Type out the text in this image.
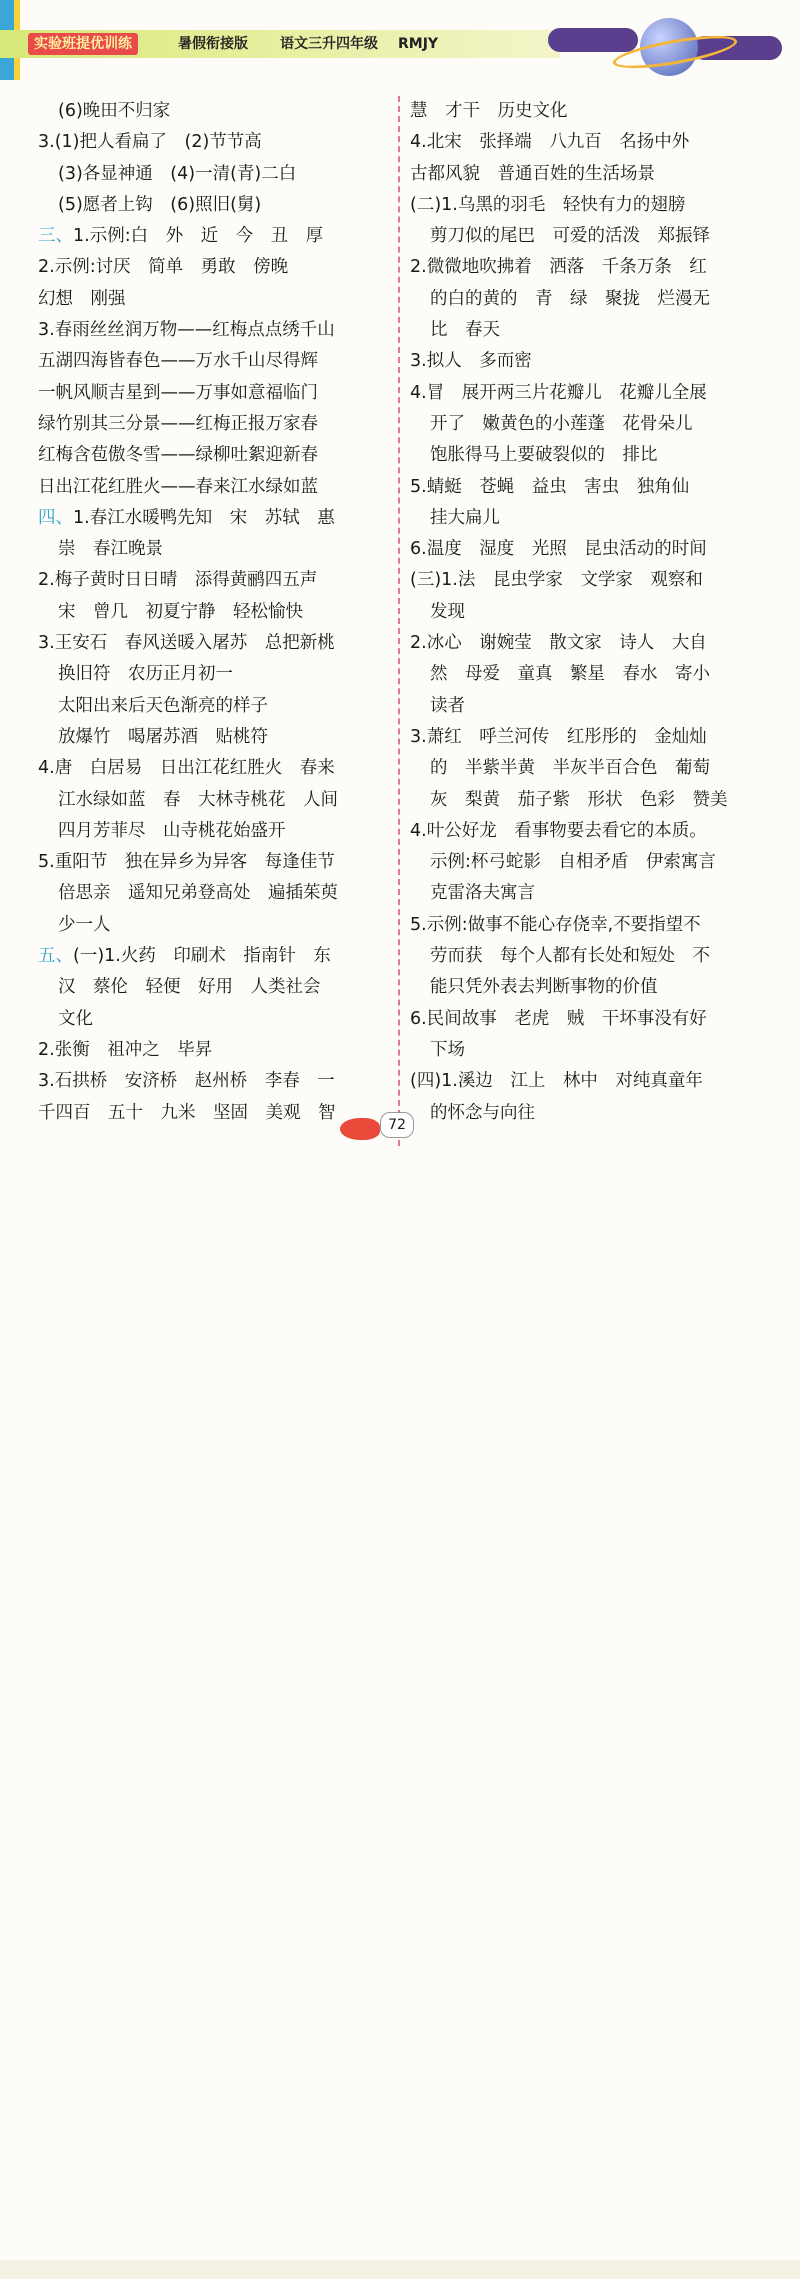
实验班提优训练	暑假衔接版 语文三升四年级 RMJY
(6)晚田不归家
3.(1)把人看扁了　(2)节节高
(3)各显神通　(4)一清(青)二白
(5)愿者上钩　(6)照旧(舅)
三、1.示例:白　外　近　今　丑　厚
2.示例:讨厌　简单　勇敢　傍晚
幻想　刚强
3.春雨丝丝润万物——红梅点点绣千山
五湖四海皆春色——万水千山尽得辉
一帆风顺吉星到——万事如意福临门
绿竹别其三分景——红梅正报万家春
红梅含苞傲冬雪——绿柳吐絮迎新春
日出江花红胜火——春来江水绿如蓝
四、1.春江水暖鸭先知　宋　苏轼　惠
崇　春江晚景
2.梅子黄时日日晴　添得黄鹂四五声
宋　曾几　初夏宁静　轻松愉快
3.王安石　春风送暖入屠苏　总把新桃
换旧符　农历正月初一
太阳出来后天色渐亮的样子
放爆竹　喝屠苏酒　贴桃符
4.唐　白居易　日出江花红胜火　春来
江水绿如蓝　春　大林寺桃花　人间
四月芳菲尽　山寺桃花始盛开
5.重阳节　独在异乡为异客　每逢佳节
倍思亲　遥知兄弟登高处　遍插茱萸
少一人
五、(一)1.火药　印刷术　指南针　东
汉　蔡伦　轻便　好用　人类社会
文化
2.张衡　祖冲之　毕昇
3.石拱桥　安济桥　赵州桥　李春　一
千四百　五十　九米　坚固　美观　智
慧　才干　历史文化
4.北宋　张择端　八九百　名扬中外
古都风貌　普通百姓的生活场景
(二)1.乌黑的羽毛　轻快有力的翅膀
剪刀似的尾巴　可爱的活泼　郑振铎
2.微微地吹拂着　洒落　千条万条　红
的白的黄的　青　绿　聚拢　烂漫无
比　春天
3.拟人　多而密
4.冒　展开两三片花瓣儿　花瓣儿全展
开了　嫩黄色的小莲蓬　花骨朵儿
饱胀得马上要破裂似的　排比
5.蜻蜓　苍蝇　益虫　害虫　独角仙
挂大扁儿
6.温度　湿度　光照　昆虫活动的时间
(三)1.法　昆虫学家　文学家　观察和
发现
2.冰心　谢婉莹　散文家　诗人　大自
然　母爱　童真　繁星　春水　寄小
读者
3.萧红　呼兰河传　红彤彤的　金灿灿
的　半紫半黄　半灰半百合色　葡萄
灰　梨黄　茄子紫　形状　色彩　赞美
4.叶公好龙　看事物要去看它的本质。
示例:杯弓蛇影　自相矛盾　伊索寓言
克雷洛夫寓言
5.示例:做事不能心存侥幸,不要指望不
劳而获　每个人都有长处和短处　不
能只凭外表去判断事物的价值
6.民间故事　老虎　贼　干坏事没有好
下场
(四)1.溪边　江上　林中　对纯真童年
的怀念与向往
72
